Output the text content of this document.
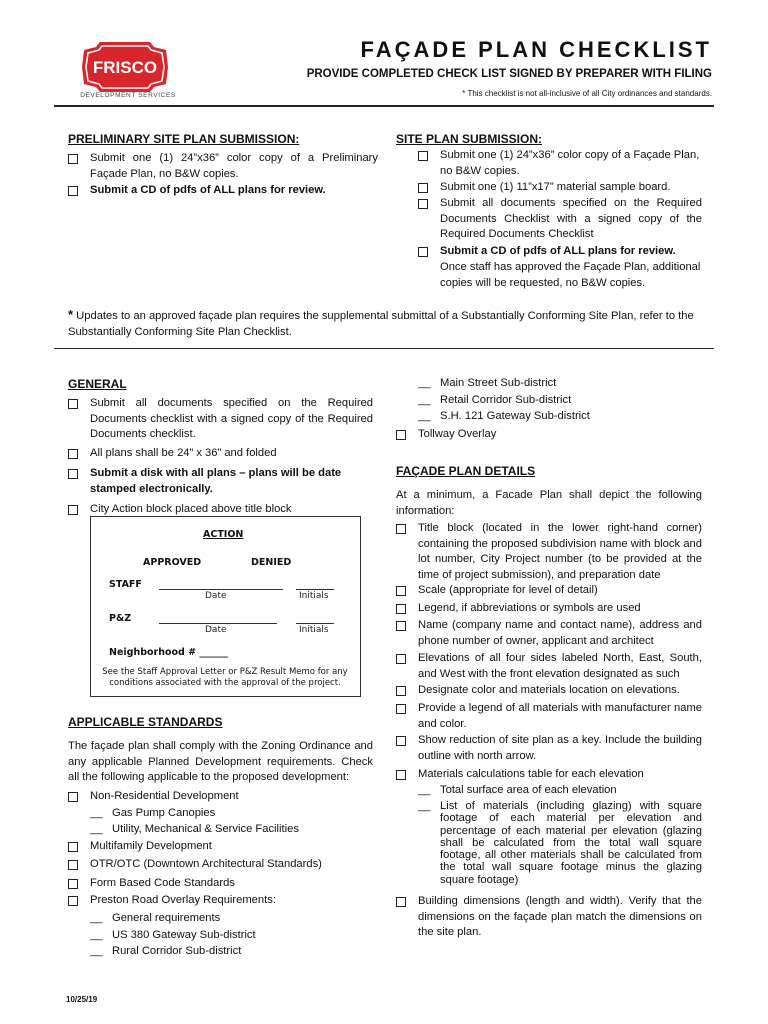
FRISCO
DEVELOPMENT SERVICES
FAÇADE PLAN CHECKLIST
PROVIDE COMPLETED CHECK LIST SIGNED BY PREPARER WITH FILING
* This checklist is not all-inclusive of all City ordinances and standards.
PRELIMINARY SITE PLAN SUBMISSION:
Submit one (1) 24”x36” color copy of a Preliminary Façade Plan, no B&W copies.
Submit a CD of pdfs of ALL plans for review.
SITE PLAN SUBMISSION:
Submit one (1) 24”x36” color copy of a Façade Plan, no B&W copies.
Submit one (1) 11”x17” material sample board.
Submit all documents specified on the Required Documents Checklist with a signed copy of the Required Documents Checklist
Submit a CD of pdfs of ALL plans for review.
Once staff has approved the Façade Plan, additional copies will be requested, no B&W copies.
* Updates to an approved façade plan requires the supplemental submittal of a Substantially Conforming Site Plan, refer to the Substantially Conforming Site Plan Checklist.
GENERAL
Submit all documents specified on the Required Documents checklist with a signed copy of the Required Documents checklist.
All plans shall be 24” x 36” and folded
Submit a disk with all plans – plans will be date stamped electronically.
City Action block placed above title block
ACTION
APPROVED	DENIED
STAFF
Date	Initials
P&Z
Date	Initials
Neighborhood # ______
See the Staff Approval Letter or P&Z Result Memo for any conditions associated with the approval of the project.
APPLICABLE STANDARDS
The façade plan shall comply with the Zoning Ordinance and any applicable Planned Development requirements. Check all the following applicable to the proposed development:
Non-Residential Development
__ Gas Pump Canopies
__ Utility, Mechanical & Service Facilities
Multifamily Development
OTR/OTC (Downtown Architectural Standards)
Form Based Code Standards
Preston Road Overlay Requirements:
__ General requirements
__ US 380 Gateway Sub-district
__ Rural Corridor Sub-district
__ Main Street Sub-district
__ Retail Corridor Sub-district
__ S.H. 121 Gateway Sub-district
Tollway Overlay
FAÇADE PLAN DETAILS
At a minimum, a Facade Plan shall depict the following information:
Title block (located in the lower right-hand corner) containing the proposed subdivision name with block and lot number, City Project number (to be provided at the time of project submission), and preparation date
Scale (appropriate for level of detail)
Legend, if abbreviations or symbols are used
Name (company name and contact name), address and phone number of owner, applicant and architect
Elevations of all four sides labeled North, East, South, and West with the front elevation designated as such
Designate color and materials location on elevations.
Provide a legend of all materials with manufacturer name and color.
Show reduction of site plan as a key. Include the building outline with north arrow.
Materials calculations table for each elevation
__ Total surface area of each elevation
__ List of materials (including glazing) with square footage of each material per elevation and percentage of each material per elevation (glazing shall be calculated from the total wall square footage, all other materials shall be calculated from the total wall square footage minus the glazing square footage)
Building dimensions (length and width). Verify that the dimensions on the façade plan match the dimensions on the site plan.
10/25/19
